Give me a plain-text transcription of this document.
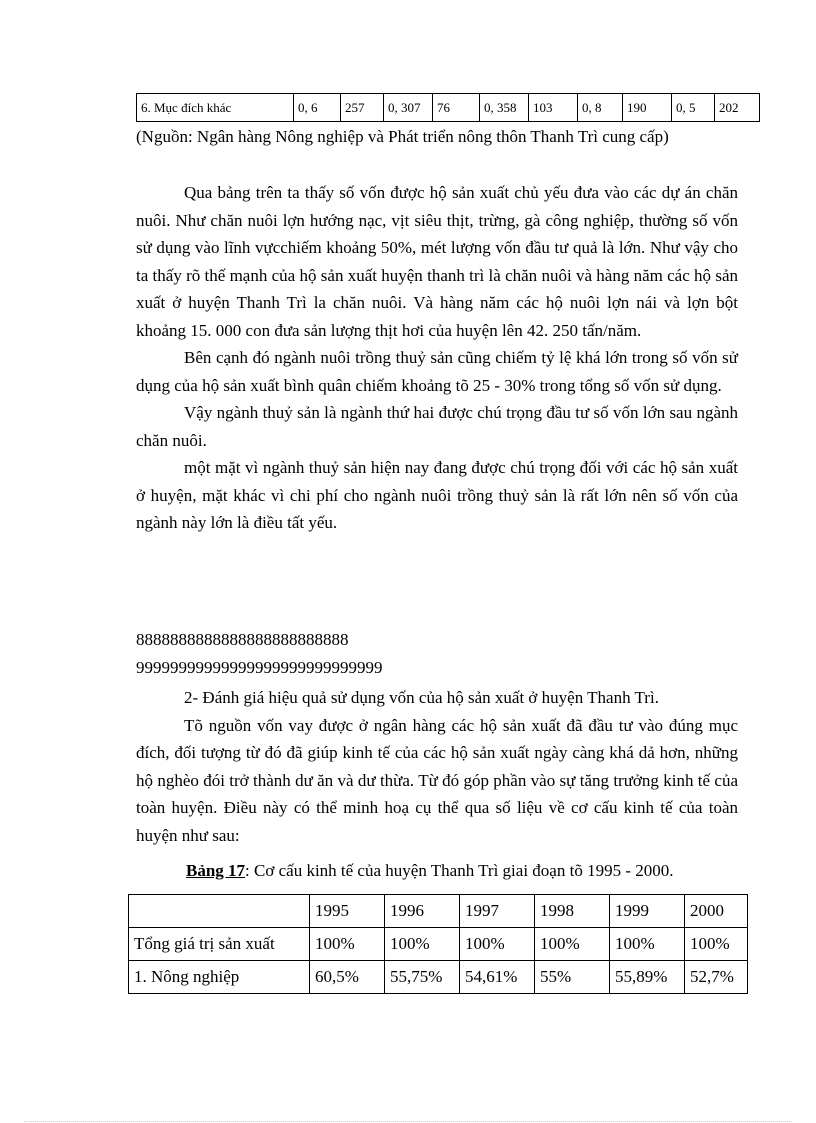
6. Mục đích khác	0, 6	257	0, 307	76	0, 358	103	0, 8	190	0, 5	202

(Nguồn: Ngân hàng Nông nghiệp và Phát triển nông thôn Thanh Trì cung cấp)

Qua bảng trên ta thấy số vốn được hộ sản xuất chủ yếu đưa vào các dự án chăn nuôi. Như chăn nuôi lợn hướng nạc, vịt siêu thịt, trừng, gà công nghiệp, thường số vốn sử dụng vào lĩnh vựcchiếm khoảng 50%, mét lượng vốn đầu tư quả là lớn. Như vậy cho ta thấy rõ thế mạnh của hộ sản xuất huyện thanh trì là chăn nuôi và hàng năm các hộ sản xuất ở huyện Thanh Trì la chăn nuôi. Và hàng năm các hộ nuôi lợn nái và lợn bột khoảng 15. 000 con đưa sản lượng thịt hơi của huyện lên 42. 250 tấn/năm.

Bên cạnh đó ngành nuôi trồng thuỷ sản cũng chiếm tỷ lệ khá lớn trong số vốn sử dụng của hộ sản xuất bình quân chiếm khoảng tõ 25 - 30% trong tổng số vốn sử dụng.

Vậy ngành thuỷ sản là ngành thứ hai được chú trọng đầu tư số vốn lớn sau ngành chăn nuôi.

một mặt vì ngành thuỷ sản hiện nay đang được chú trọng đối với các hộ sản xuất ở huyện, mặt khác vì chi phí cho ngành nuôi trồng thuỷ sản là rất lớn nên số vốn của ngành này lớn là điều tất yếu.

8888888888888888888888888
99999999999999999999999999999

2- Đánh giá hiệu quả sử dụng vốn của hộ sản xuất ở huyện Thanh Trì.

Tõ nguồn vốn vay được ở ngân hàng các hộ sản xuất đã đầu tư vào đúng mục đích, đối tượng từ đó đã giúp kinh tế của các hộ sản xuất ngày càng khá dả hơn, những hộ nghèo đói trở thành dư ăn và dư thừa. Từ đó góp phần vào sự tăng trưởng kinh tế của toàn huyện. Điều này có thể minh hoạ cụ thể qua số liệu về cơ cấu kinh tế của toàn huyện như sau:

Bảng 17: Cơ cấu kinh tế của huyện Thanh Trì giai đoạn tõ 1995 - 2000.
	1995	1996	1997	1998	1999	2000
Tổng giá trị sản xuất	100%	100%	100%	100%	100%	100%
1. Nông nghiệp	60,5%	55,75%	54,61%	55%	55,89%	52,7%
